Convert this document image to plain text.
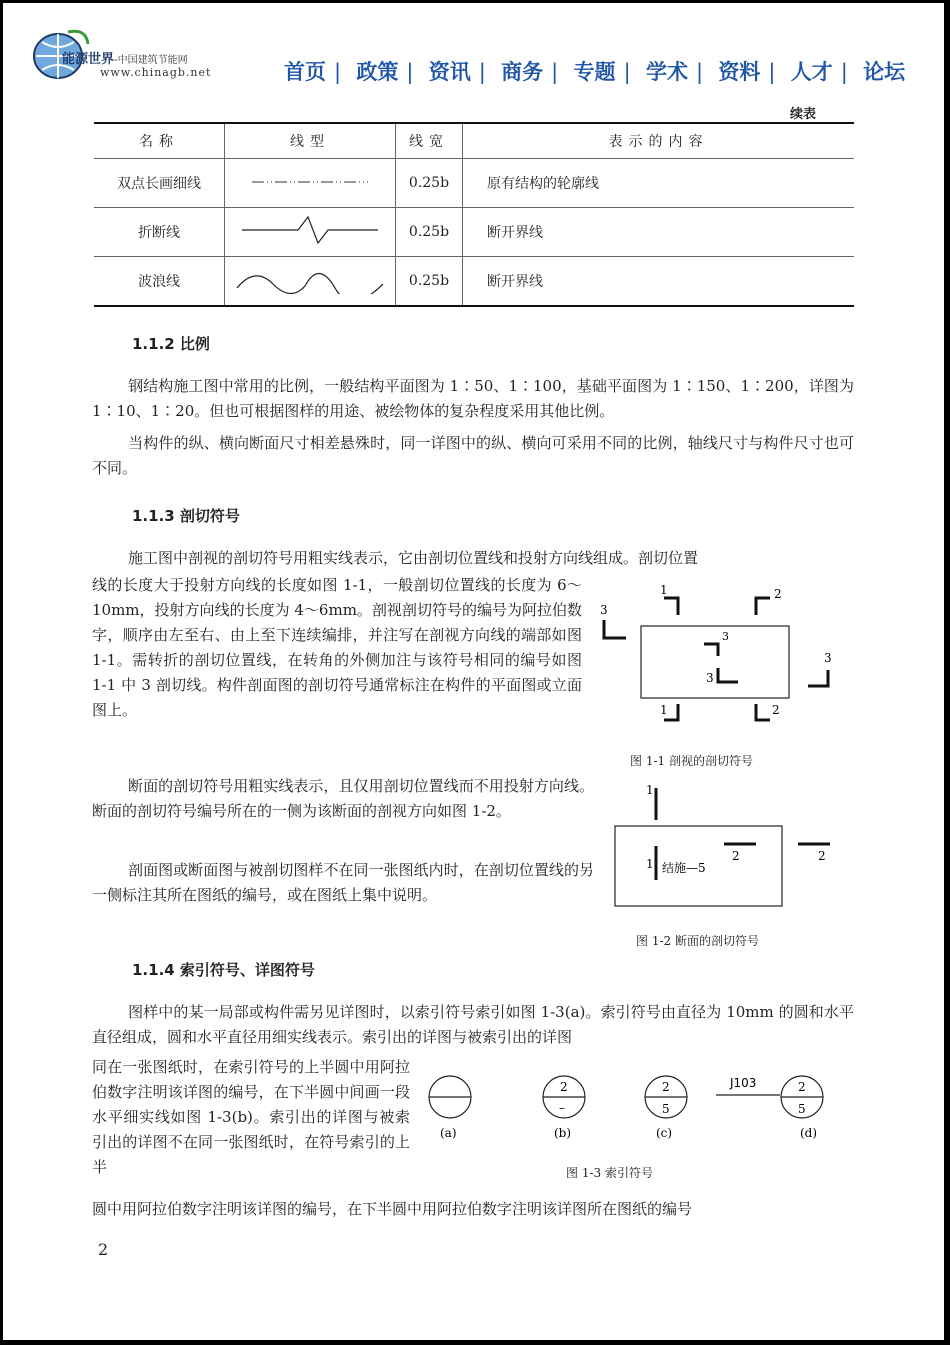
能源世界-中国建筑节能网
www.chinagb.net	首页 | 政策 | 资讯 | 商务 | 专题 | 学术 | 资料 | 人才 | 论坛
续表
名称	线型	线宽	表示的内容
双点长画细线		0.25b	原有结构的轮廓线
折断线		0.25b	断开界线
波浪线		0.25b	断开界线
1.1.2 比例
钢结构施工图中常用的比例，一般结构平面图为 1∶50、1∶100，基础平面图为 1∶150、1∶200，详图为 1∶10、1∶20。但也可根据图样的用途、被绘物体的复杂程度采用其他比例。
当构件的纵、横向断面尺寸相差悬殊时，同一详图中的纵、横向可采用不同的比例，轴线尺寸与构件尺寸也可不同。
1.1.3 剖切符号
施工图中剖视的剖切符号用粗实线表示，它由剖切位置线和投射方向线组成。剖切位置
线的长度大于投射方向线的长度如图 1-1，一般剖切位置线的长度为 6～10mm，投射方向线的长度为 4～6mm。剖视剖切符号的编号为阿拉伯数字，顺序由左至右、由上至下连续编排，并注写在剖视方向线的端部如图 1-1。需转折的剖切位置线，在转角的外侧加注与该符号相同的编号如图 1-1 中 3 剖切线。构件剖面图的剖切符号通常标注在构件的平面图或立面图上。
断面的剖切符号用粗实线表示，且仅用剖切位置线而不用投射方向线。断面的剖切符号编号所在的一侧为该断面的剖视方向如图 1-2。
剖面图或断面图与被剖切图样不在同一张图纸内时，在剖切位置线的另一侧标注其所在图纸的编号，或在图纸上集中说明。
1	2
3
3
3
3
1	2
图 1-1 剖视的剖切符号
1
1 结施—5
2	2
图 1-2 断面的剖切符号
1.1.4 索引符号、详图符号
图样中的某一局部或构件需另见详图时，以索引符号索引如图 1-3(a)。索引符号由直径为 10mm 的圆和水平直径组成，圆和水平直径用细实线表示。索引出的详图与被索引出的详图
同在一张图纸时，在索引符号的上半圆中用阿拉伯数字注明该详图的编号，在下半圆中间画一段水平细实线如图 1-3(b)。索引出的详图与被索引出的详图不在同一张图纸时，在符号索引的上半
圆中用阿拉伯数字注明该详图的编号，在下半圆中用阿拉伯数字注明该详图所在图纸的编号
(a)
2
–
(b)
2
5
(c)
J103	2
5
(d)
图 1-3 索引符号
2
